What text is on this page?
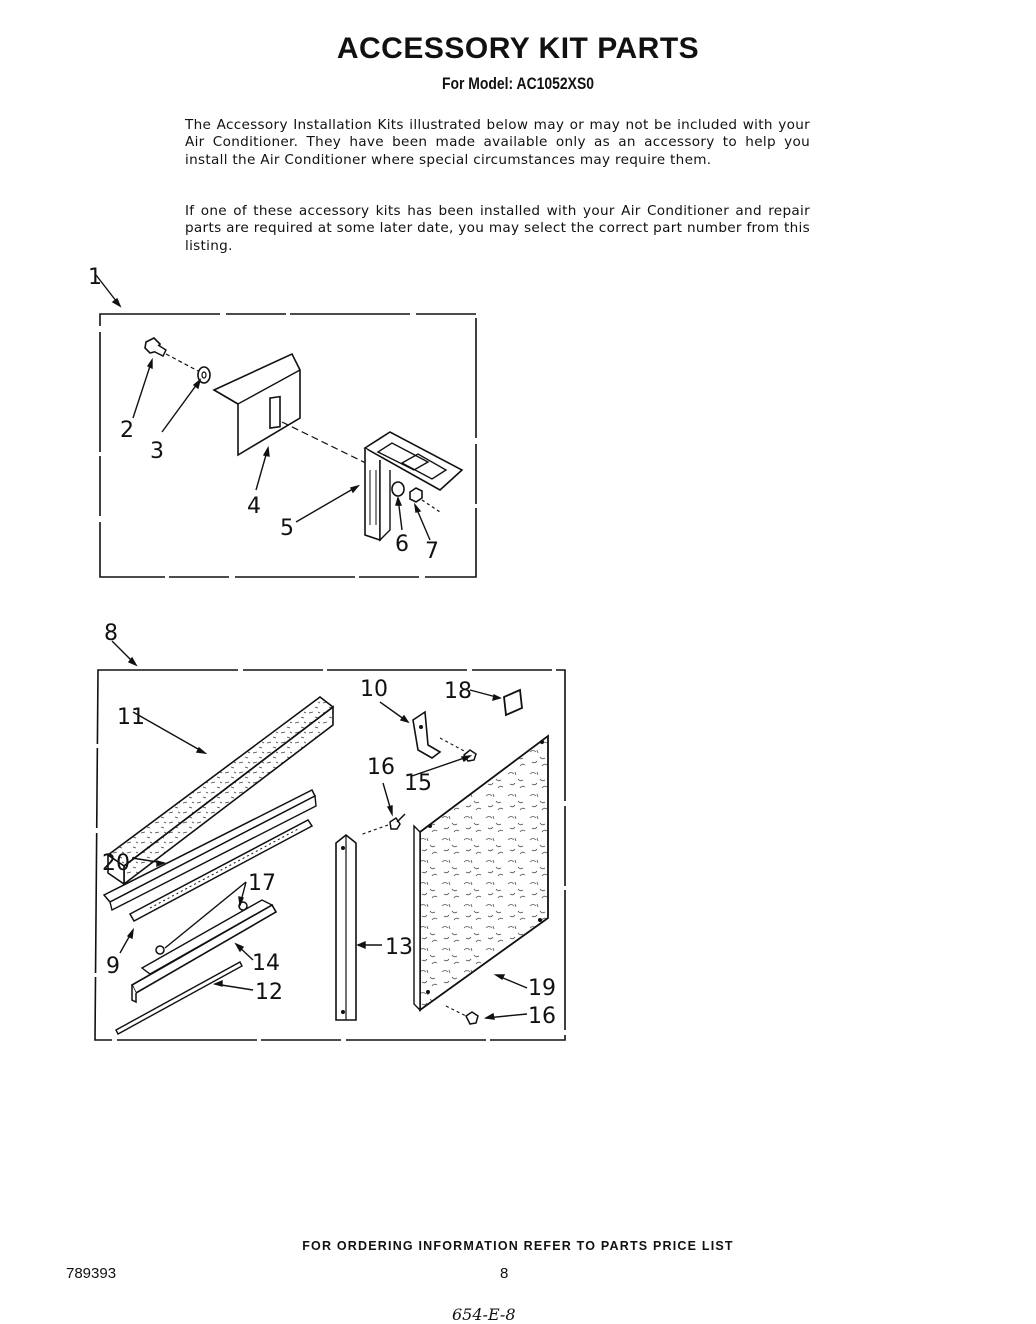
ACCESSORY KIT PARTS
For Model: AC1052XS0

The Accessory Installation Kits illustrated below may or may not be included with your Air Conditioner. They have been made available only as an accessory to help you install the Air Conditioner where special circumstances may require them.

If one of these accessory kits has been installed with your Air Conditioner and repair parts are required at some later date, you may select the correct part number from this listing.

1
2
3
4
5
6 7
8
10	18
11
16
15
20
17
9	14
13
12	19
16
FOR ORDERING INFORMATION REFER TO PARTS PRICE LIST
789393	8
654-E-8
